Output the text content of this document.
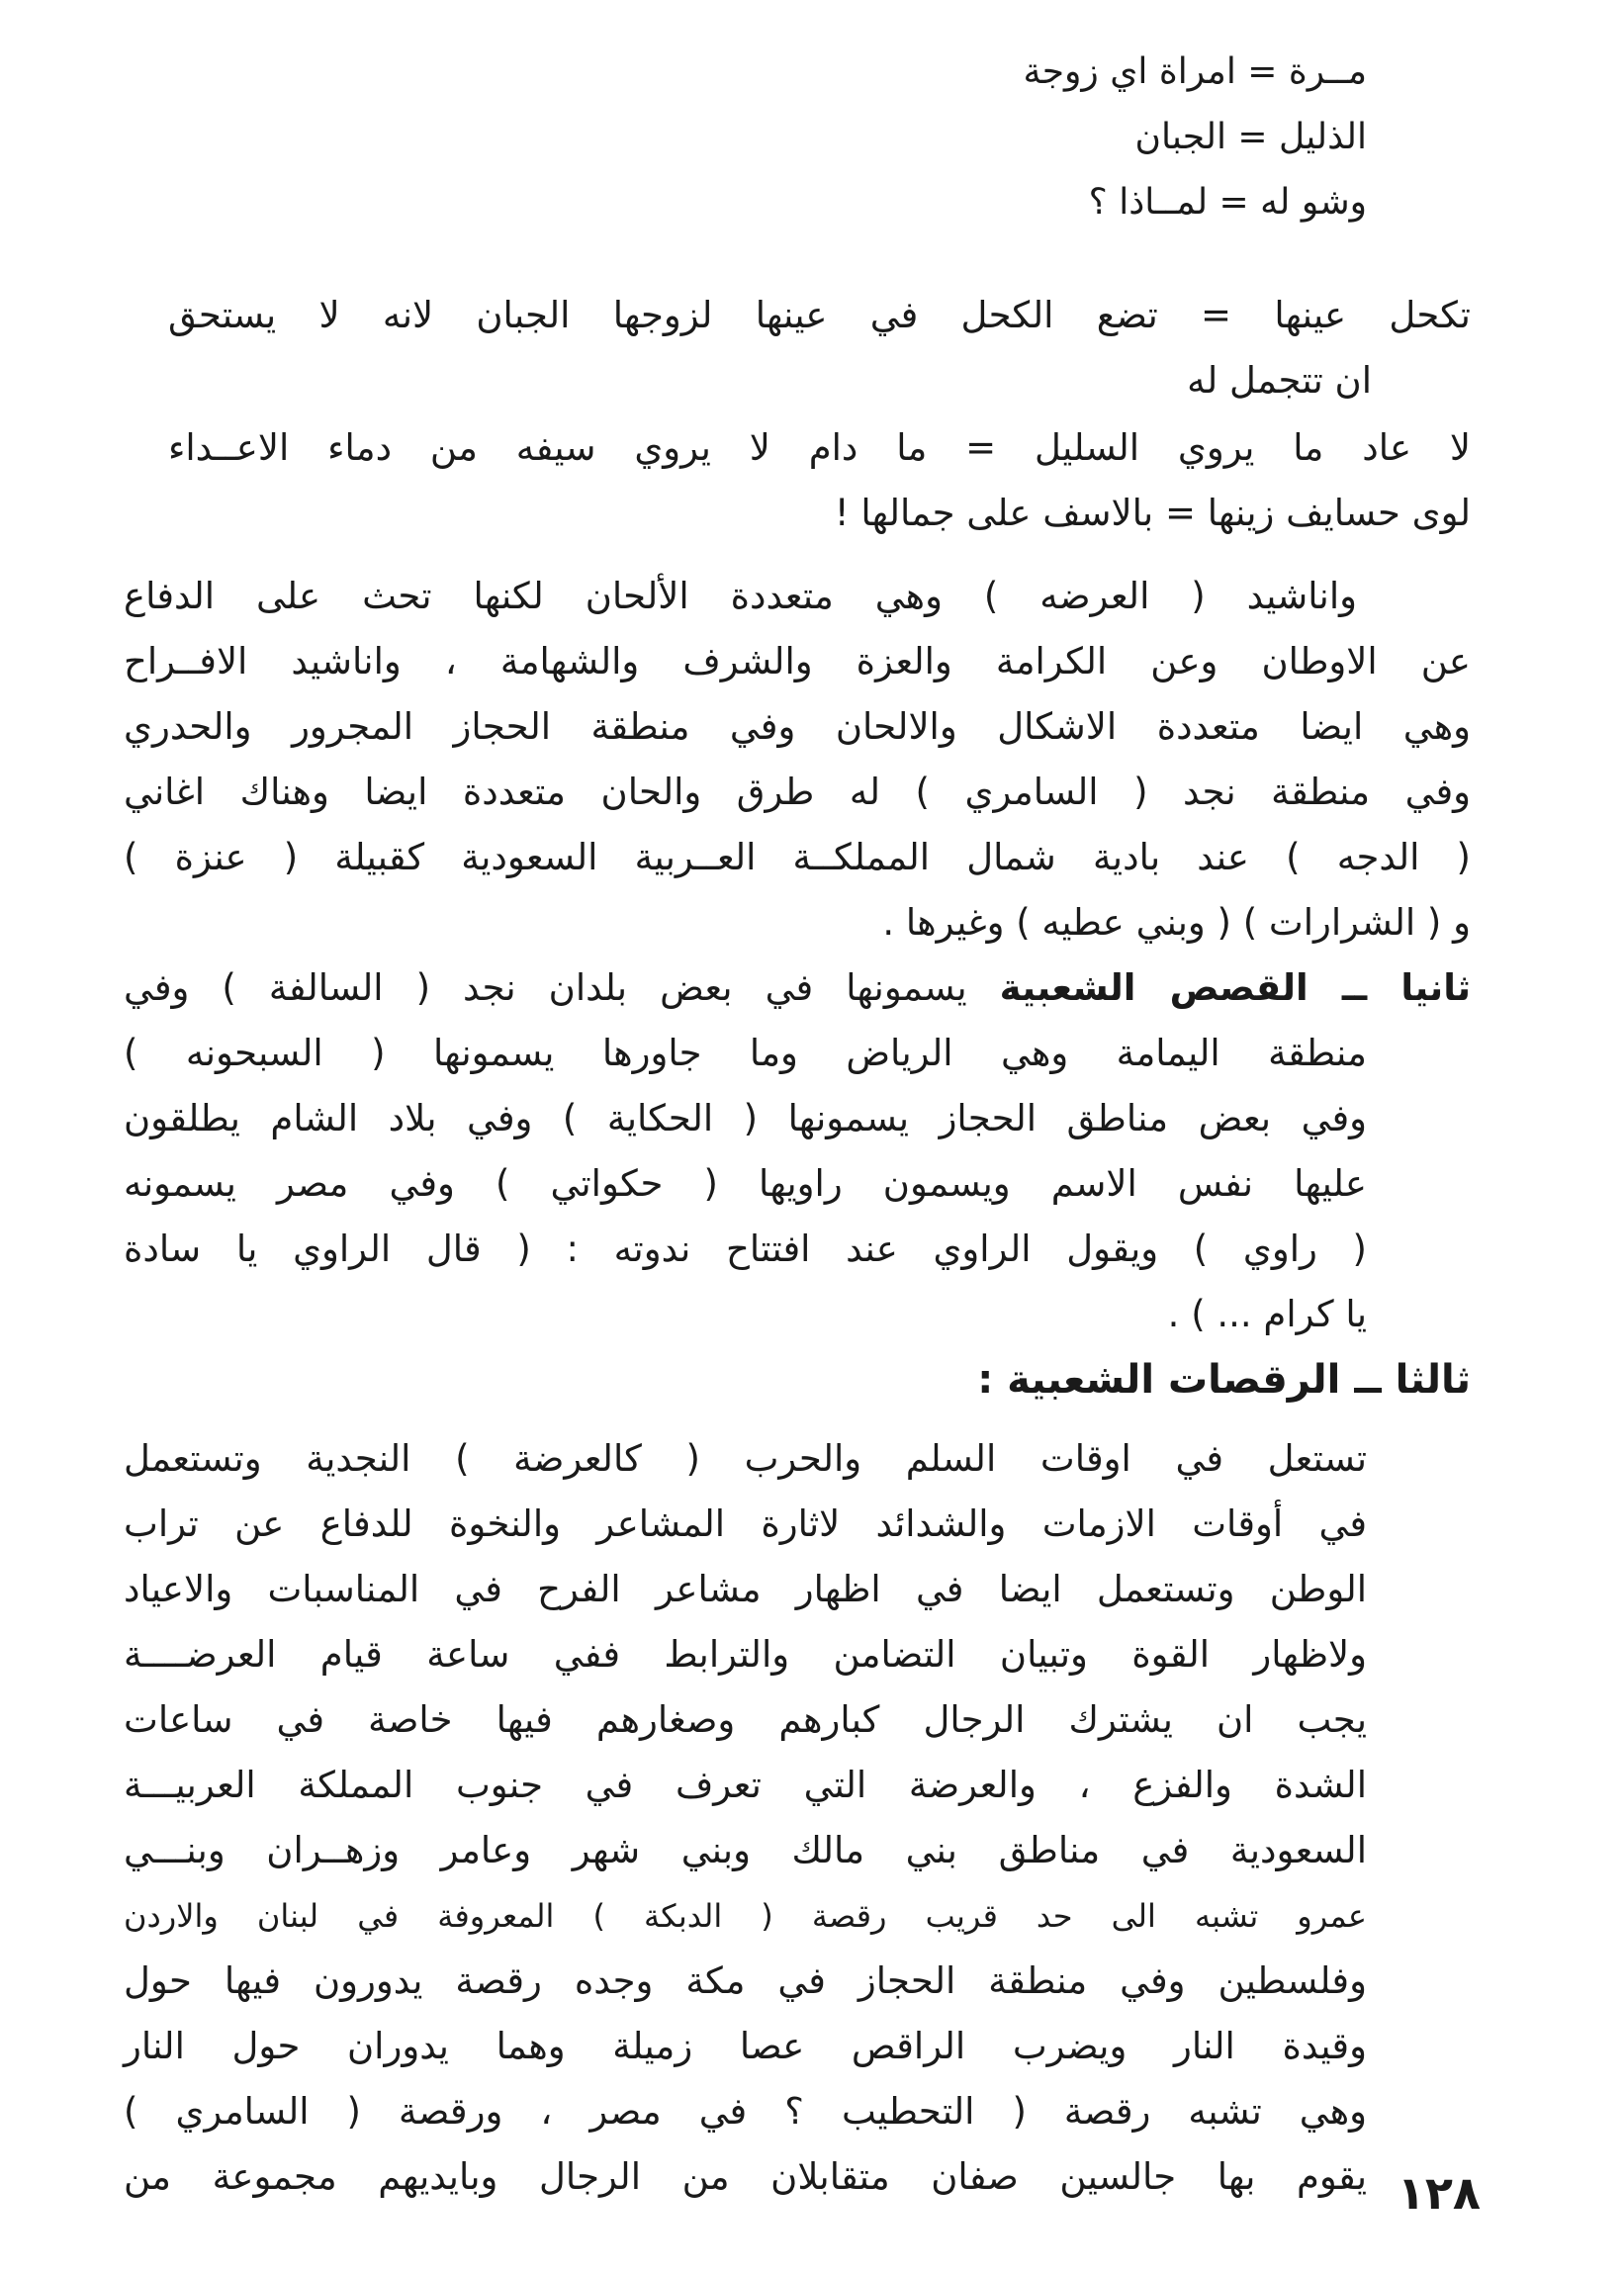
مــرة = امراة اي زوجة
الذليل = الجبان
وشو له = لمــاذا ؟
تكحل عينها = تضع الكحل في عينها لزوجها الجبان لانه لا يستحق
ان تتجمل له
لا عاد ما يروي السليل = ما دام لا يروي سيفه من دماء الاعــداء
لوى حسايف زينها = بالاسف على جمالها !
واناشيد ( العرضه ) وهي متعددة الألحان لكنها تحث على الدفاع
عن الاوطان وعن الكرامة والعزة والشرف والشهامة ، واناشيد الافــراح
وهي ايضا متعددة الاشكال والالحان وفي منطقة الحجاز المجرور والحدري
وفي منطقة نجد ( السامري ) له طرق والحان متعددة ايضا وهناك اغاني
( الدجه ) عند بادية شمال المملكــة العــربية السعودية كقبيلة ( عنزة )
و ( الشرارات ) ( وبني عطيه ) وغيرها .
ثانيا ــ القصص الشعبية يسمونها في بعض بلدان نجد ( السالفة ) وفي
منطقة اليمامة وهي الرياض وما جاورها يسمونها ( السبحونه )
وفي بعض مناطق الحجاز يسمونها ( الحكاية ) وفي بلاد الشام يطلقون
عليها نفس الاسم ويسمون راويها ( حكواتي ) وفي مصر يسمونه
( راوي ) ويقول الراوي عند افتتاح ندوته : ( قال الراوي يا سادة
يا كرام ... ) .
ثالثا ــ الرقصات الشعبية :
تستعل في اوقات السلم والحرب ( كالعرضة ) النجدية وتستعمل
في أوقات الازمات والشدائد لاثارة المشاعر والنخوة للدفاع عن تراب
الوطن وتستعمل ايضا في اظهار مشاعر الفرح في المناسبات والاعياد
ولاظهار القوة وتبيان التضامن والترابط ففي ساعة قيام العرضــــة
يجب ان يشترك الرجال كبارهم وصغارهم فيها خاصة في ساعات
الشدة والفزع ، والعرضة التي تعرف في جنوب المملكة العربيـــة
السعودية في مناطق بني مالك وبني شهر وعامر وزهــران وبنـــي
عمرو تشبه الى حد قريب رقصة ( الدبكة ) المعروفة في لبنان والاردن
وفلسطين وفي منطقة الحجاز في مكة وجده رقصة يدورون فيها حول
وقيدة النار ويضرب الراقص عصا زميلة وهما يدوران حول النار
وهي تشبه رقصة ( التحطيب ؟ في مصر ، ورقصة ( السامري )
يقوم بها جالسين صفان متقابلان من الرجال وبايديهم مجموعة من ١٢٨
